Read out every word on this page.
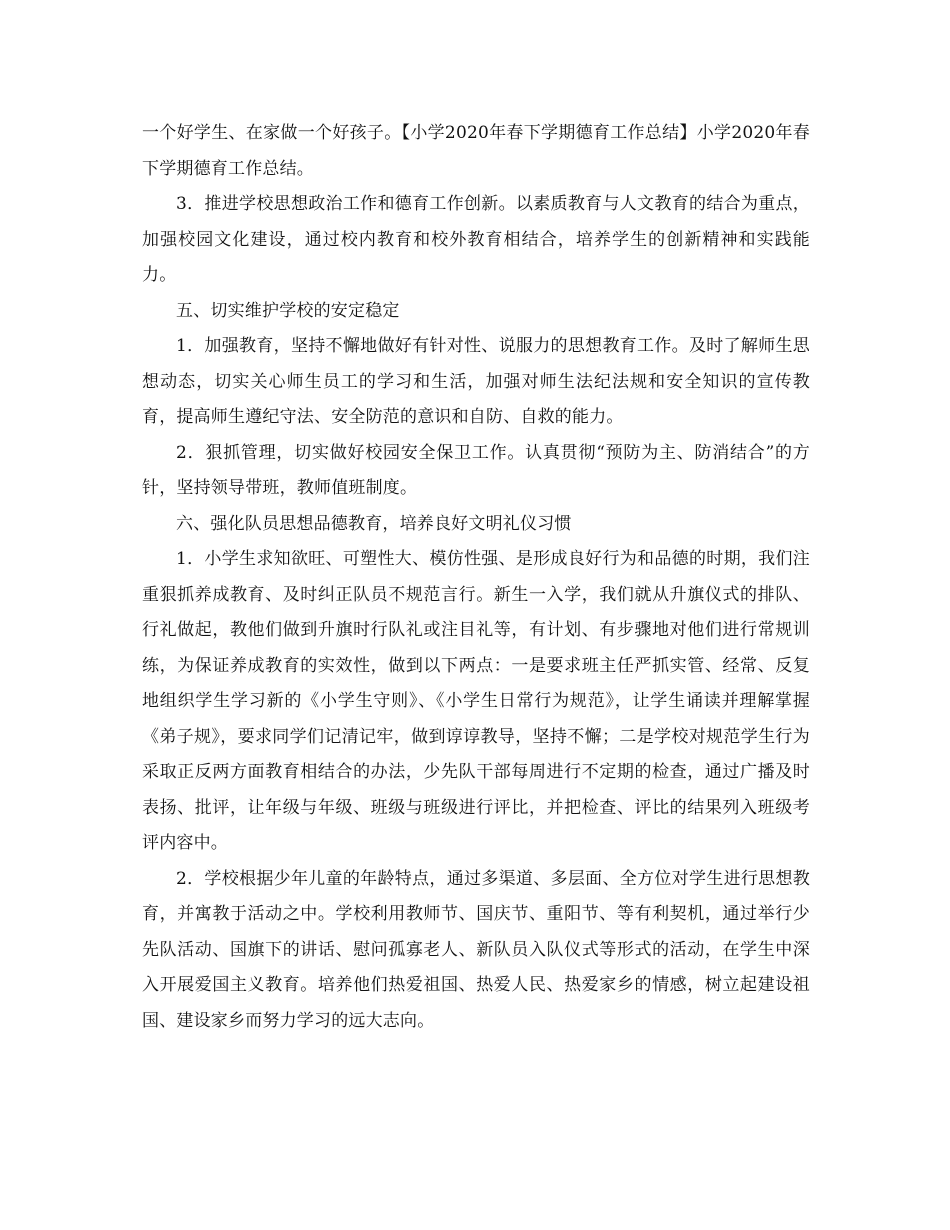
一个好学生、在家做一个好孩子。【小学2020年春下学期德育工作总结】小学2020年春下学期德育工作总结。

3．推进学校思想政治工作和德育工作创新。以素质教育与人文教育的结合为重点，加强校园文化建设，通过校内教育和校外教育相结合，培养学生的创新精神和实践能力。

五、切实维护学校的安定稳定

1．加强教育，坚持不懈地做好有针对性、说服力的思想教育工作。及时了解师生思想动态，切实关心师生员工的学习和生活，加强对师生法纪法规和安全知识的宣传教育，提高师生遵纪守法、安全防范的意识和自防、自救的能力。

2．狠抓管理，切实做好校园安全保卫工作。认真贯彻“预防为主、防消结合”的方针，坚持领导带班，教师值班制度。

六、强化队员思想品德教育，培养良好文明礼仪习惯

1．小学生求知欲旺、可塑性大、模仿性强、是形成良好行为和品德的时期，我们注重狠抓养成教育、及时纠正队员不规范言行。新生一入学，我们就从升旗仪式的排队、行礼做起，教他们做到升旗时行队礼或注目礼等，有计划、有步骤地对他们进行常规训练，为保证养成教育的实效性，做到以下两点：一是要求班主任严抓实管、经常、反复地组织学生学习新的《小学生守则》、《小学生日常行为规范》，让学生诵读并理解掌握《弟子规》，要求同学们记清记牢，做到谆谆教导，坚持不懈；二是学校对规范学生行为采取正反两方面教育相结合的办法，少先队干部每周进行不定期的检查，通过广播及时表扬、批评，让年级与年级、班级与班级进行评比，并把检查、评比的结果列入班级考评内容中。

2．学校根据少年儿童的年龄特点，通过多渠道、多层面、全方位对学生进行思想教育，并寓教于活动之中。学校利用教师节、国庆节、重阳节、等有利契机，通过举行少先队活动、国旗下的讲话、慰问孤寡老人、新队员入队仪式等形式的活动，在学生中深入开展爱国主义教育。培养他们热爱祖国、热爱人民、热爱家乡的情感，树立起建设祖国、建设家乡而努力学习的远大志向。
